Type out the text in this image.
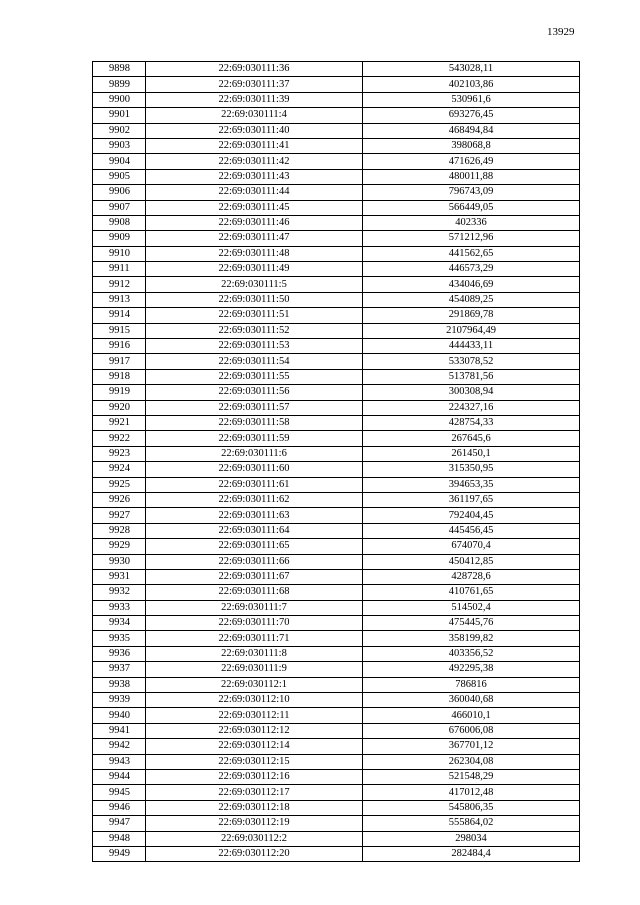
13929
9898	22:69:030111:36	543028,11
9899	22:69:030111:37	402103,86
9900	22:69:030111:39	530961,6
9901	22:69:030111:4	693276,45
9902	22:69:030111:40	468494,84
9903	22:69:030111:41	398068,8
9904	22:69:030111:42	471626,49
9905	22:69:030111:43	480011,88
9906	22:69:030111:44	796743,09
9907	22:69:030111:45	566449,05
9908	22:69:030111:46	402336
9909	22:69:030111:47	571212,96
9910	22:69:030111:48	441562,65
9911	22:69:030111:49	446573,29
9912	22:69:030111:5	434046,69
9913	22:69:030111:50	454089,25
9914	22:69:030111:51	291869,78
9915	22:69:030111:52	2107964,49
9916	22:69:030111:53	444433,11
9917	22:69:030111:54	533078,52
9918	22:69:030111:55	513781,56
9919	22:69:030111:56	300308,94
9920	22:69:030111:57	224327,16
9921	22:69:030111:58	428754,33
9922	22:69:030111:59	267645,6
9923	22:69:030111:6	261450,1
9924	22:69:030111:60	315350,95
9925	22:69:030111:61	394653,35
9926	22:69:030111:62	361197,65
9927	22:69:030111:63	792404,45
9928	22:69:030111:64	445456,45
9929	22:69:030111:65	674070,4
9930	22:69:030111:66	450412,85
9931	22:69:030111:67	428728,6
9932	22:69:030111:68	410761,65
9933	22:69:030111:7	514502,4
9934	22:69:030111:70	475445,76
9935	22:69:030111:71	358199,82
9936	22:69:030111:8	403356,52
9937	22:69:030111:9	492295,38
9938	22:69:030112:1	786816
9939	22:69:030112:10	360040,68
9940	22:69:030112:11	466010,1
9941	22:69:030112:12	676006,08
9942	22:69:030112:14	367701,12
9943	22:69:030112:15	262304,08
9944	22:69:030112:16	521548,29
9945	22:69:030112:17	417012,48
9946	22:69:030112:18	545806,35
9947	22:69:030112:19	555864,02
9948	22:69:030112:2	298034
9949	22:69:030112:20	282484,4
